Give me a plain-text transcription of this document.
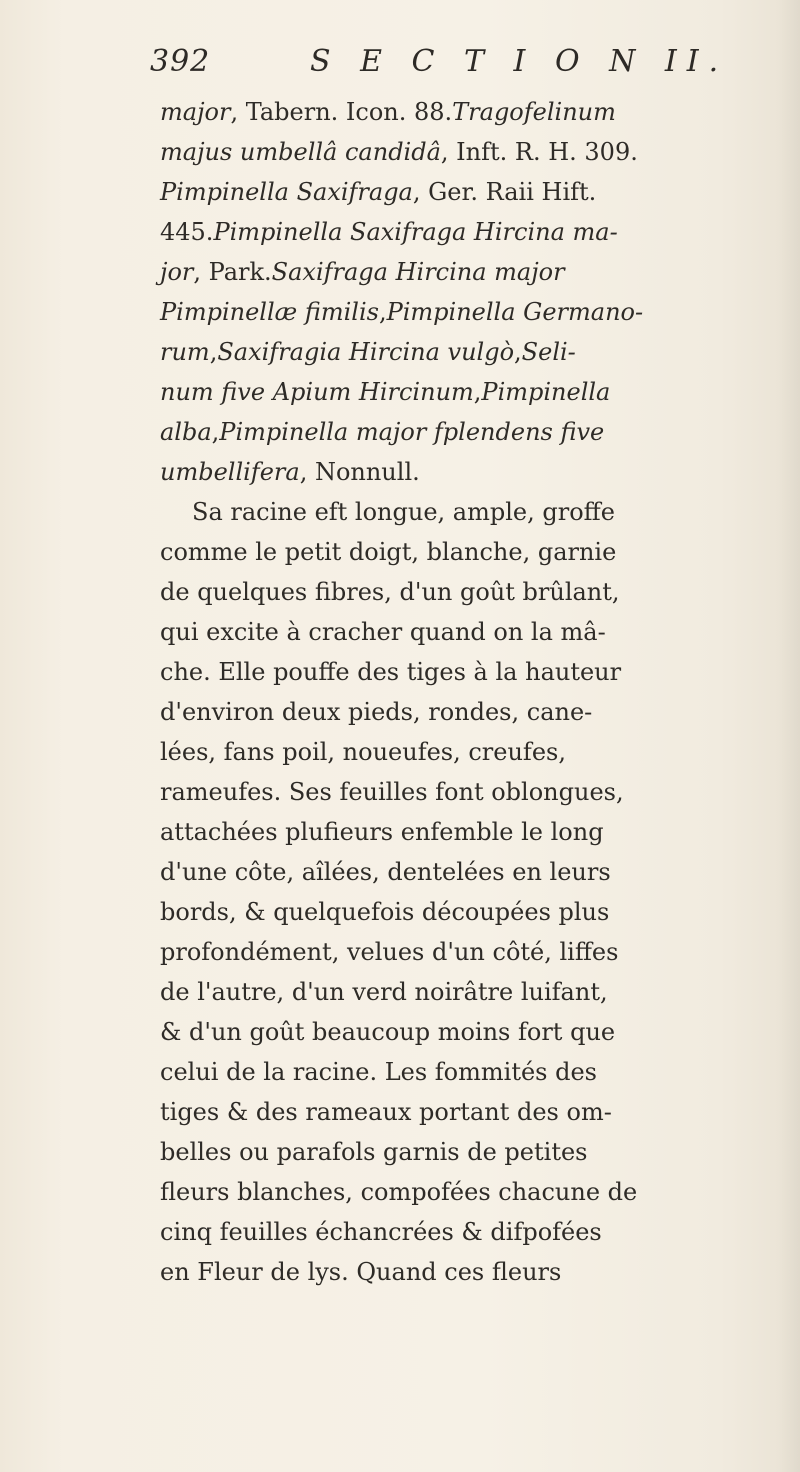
392	S E C T I O N II.
major, Tabern. Icon. 88.Tragofelinum
majus umbellâ candidâ, Inft. R. H. 309.
Pimpinella Saxifraga, Ger. Raii Hift.
445.Pimpinella Saxifraga Hircina ma-
jor, Park.Saxifraga Hircina major
Pimpinellæ fimilis,Pimpinella Germano-
rum,Saxifragia Hircina vulgò,Seli-
num five Apium Hircinum,Pimpinella
alba,Pimpinella major fplendens five
umbellifera, Nonnull.
Sa racine eft longue, ample, groffe
comme le petit doigt, blanche, garnie
de quelques fibres, d'un goût brûlant,
qui excite à cracher quand on la mâ-
che. Elle pouffe des tiges à la hauteur
d'environ deux pieds, rondes, cane-
lées, fans poil, noueufes, creufes,
rameufes. Ses feuilles font oblongues,
attachées plufieurs enfemble le long
d'une côte, aîlées, dentelées en leurs
bords, & quelquefois découpées plus
profondément, velues d'un côté, liffes
de l'autre, d'un verd noirâtre luifant,
& d'un goût beaucoup moins fort que
celui de la racine. Les fommités des
tiges & des rameaux portant des om-
belles ou parafols garnis de petites
fleurs blanches, compofées chacune de
cinq feuilles échancrées & difpofées
en Fleur de lys. Quand ces fleurs
